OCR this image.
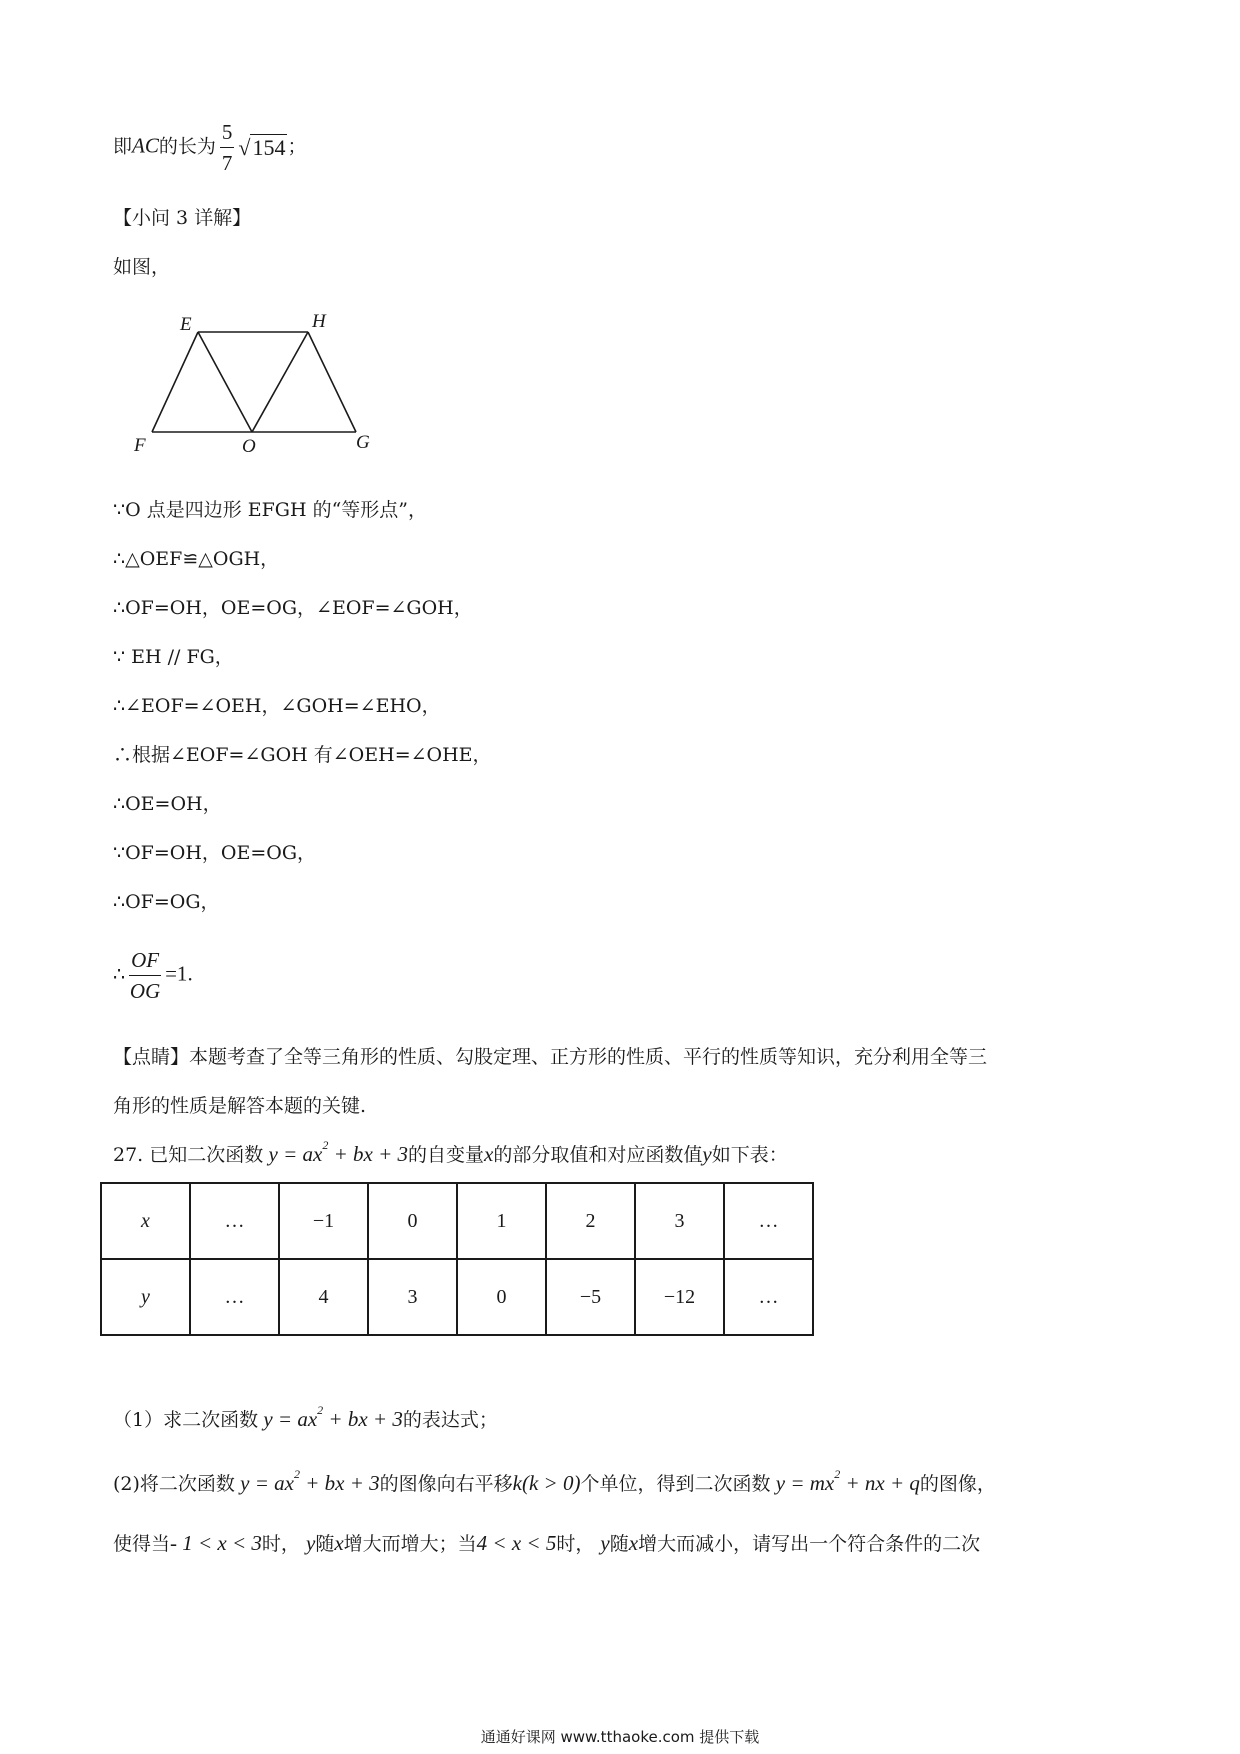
即AC的长为 $\frac{5}{7} √154$ ；
【小问 3 详解】
如图，
E	H
F	O	G
∵O 点是四边形 EFGH 的“等形点”，
∴△OEF≌△OGH，
∴OF=OH，OE=OG，∠EOF=∠GOH，
∵ EH // FG，
∴∠EOF=∠OEH，∠GOH=∠EHO，
∴根据∠EOF=∠GOH 有∠OEH=∠OHE，
∴OE=OH，
∵OF=OH，OE=OG，
∴OF=OG，
∴ $\frac{OF}{OG} =1$.
【点睛】本题考查了全等三角形的性质、勾股定理、正方形的性质、平行的性质等知识，充分利用全等三
角形的性质是解答本题的关键.
27. 已知二次函数 $y = ax^2$ + bx + 3的自变量x的部分取值和对应函数值y如下表：
x	…	−1	0	1	2	3	…
y	…	4	3	0	−5	−12	…
（1）求二次函数 $y = ax^2$ + bx + 3的表达式；
(2)将二次函数 $y = ax^2$ + bx + 3的图像向右平移k(k > 0)个单位，得到二次函数 $y = mx^2$ + nx + q的图像，
使得当- 1 < x < 3时， y随x增大而增大；当4 < x < 5时， y随x增大而减小，请写出一个符合条件的二次
通通好课网 www.tthaoke.com 提供下载
